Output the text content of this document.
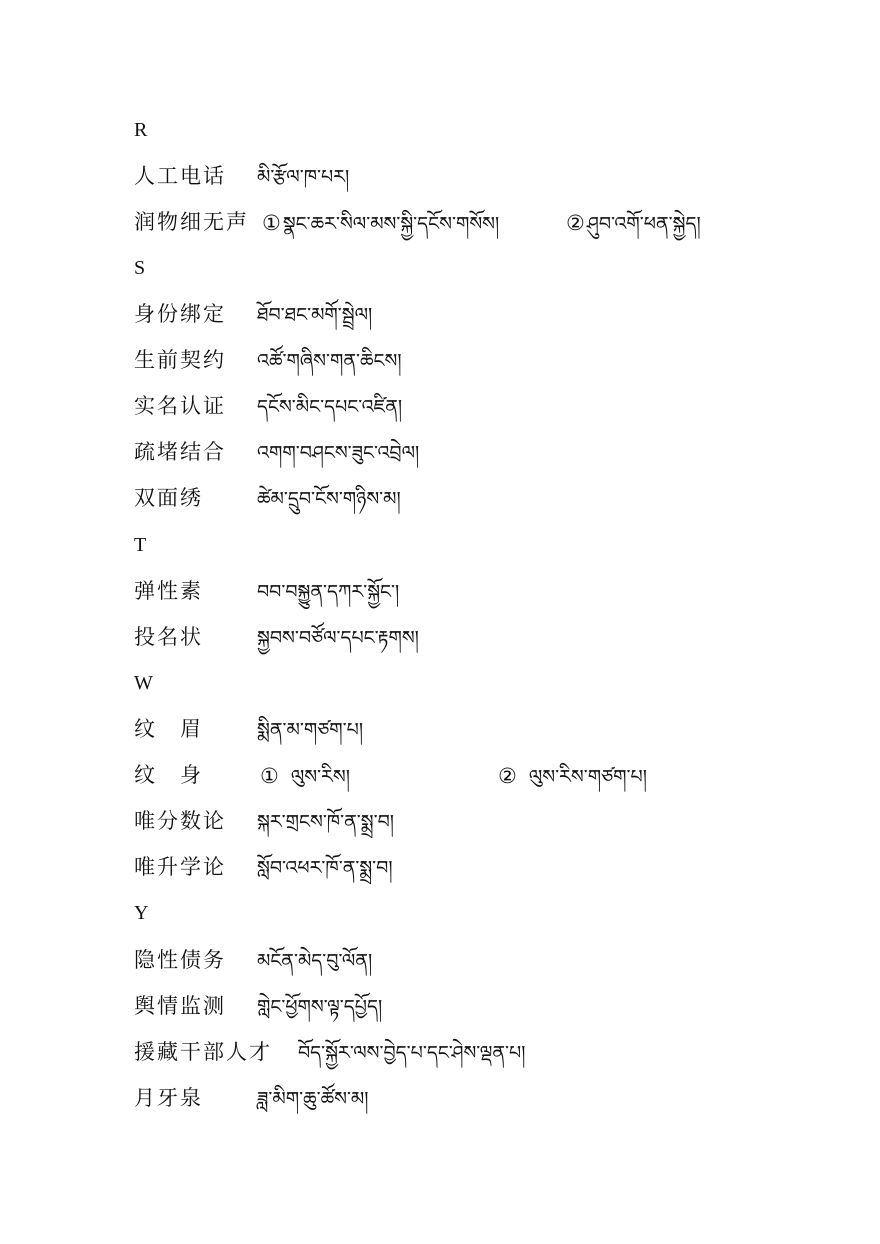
R
人工电话 མི་རྩོལ་ཁ་པར།
润物细无声 ① སྣང་ཆར་སིལ་མས་སྐྱི་དངོས་གསོས།	② ཤུབ་འགོ་ཕན་སྐྱེད།
S
身份绑定 ཐོབ་ཐང་མགོ་སྦྲེལ།
生前契约 འཚོ་གཞིས་གན་ཆིངས།
实名认证 དངོས་མིང་དཔང་འཛིན།
疏堵结合 འགག་བཤངས་ཟུང་འབྲེལ།
双面绣	ཚེམ་དྲུབ་ངོས་གཉིས་མ།
T
弹性素	བབ་བསྐྱུན་དཀར་སྐྱོང་།
投名状	སྐྱབས་བཙོལ་དཔང་རྟགས།
W
纹　眉	སྨིན་མ་གཙག་པ།
纹　身	① ལུས་རིས།	② ལུས་རིས་གཙག་པ།
唯分数论 སྐར་གྲངས་ཁོ་ན་སྨྲ་བ།
唯升学论 སློབ་འཕར་ཁོ་ན་སྨྲ་བ།
Y
隐性债务 མངོན་མེད་བུ་ལོན།
舆情监测 གླེང་ཕྱོགས་ལྟ་དཔྱོད།
援藏干部人才 བོད་སྐྱོར་ལས་བྱེད་པ་དང་ཤེས་ལྡན་པ།
月牙泉	ཟླ་མིག་ཆུ་ཚོས་མ།
